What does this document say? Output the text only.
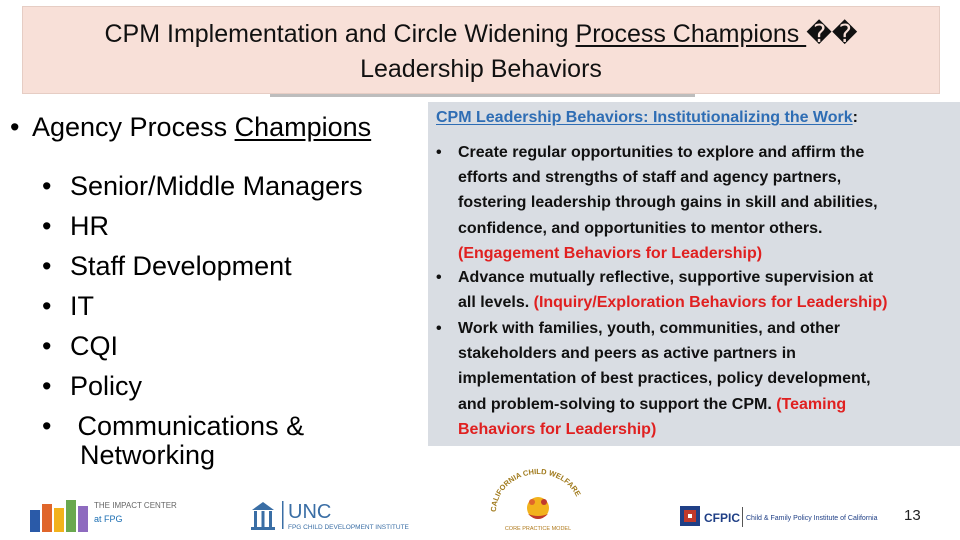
CPM Implementation and Circle Widening Process Champions ��
Leadership Behaviors
• Agency Process Champions
• Senior/Middle Managers
• HR
• Staff Development
• IT
• CQI
• Policy
• Communications &
Networking
CPM Leadership Behaviors: Institutionalizing the Work:
• Create regular opportunities to explore and affirm the
efforts and strengths of staff and agency partners,
fostering leadership through gains in skill and abilities,
confidence, and opportunities to mentor others.
(Engagement Behaviors for Leadership)
• Advance mutually reflective, supportive supervision at
all levels. (Inquiry/Exploration Behaviors for Leadership)
• Work with families, youth, communities, and other
stakeholders and peers as active partners in
implementation of best practices, policy development,
and problem-solving to support the CPM. (Teaming
Behaviors for Leadership)
THE IMPACT CENTER
at FPG	UNC
FPG CHILD DEVELOPMENT INSTITUTE
CALIFORNIA CHILD WELFARE
CORE PRACTICE MODEL
CFPIC Child & Family Policy Institute of California 13
